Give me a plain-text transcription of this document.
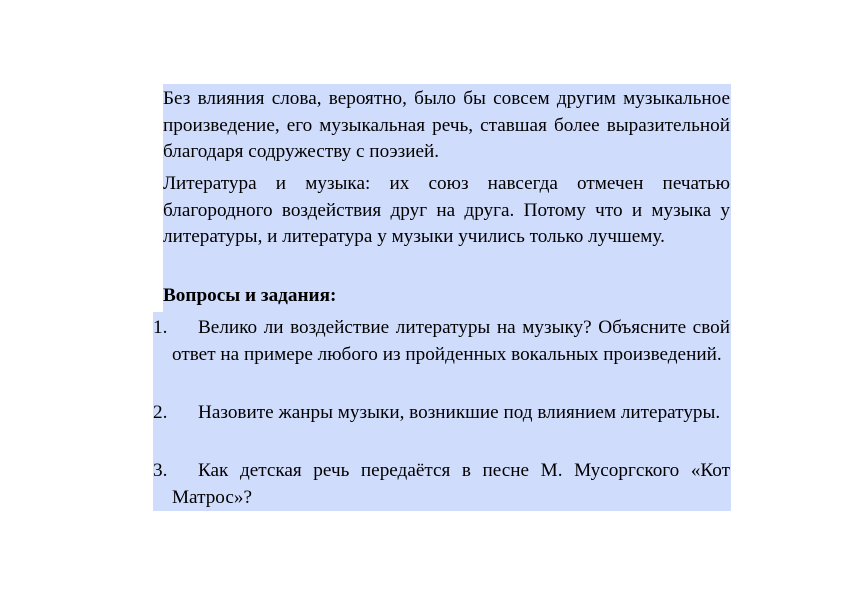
Без влияния слова, вероятно, было бы совсем другим музыкальное произведение, его музыкальная речь, ставшая более выразительной благодаря содружеству с поэзией.

Литература и музыка: их союз навсегда отмечен печатью благородного воздействия друг на друга. Потому что и музыка у литературы, и литература у музыки учились только лучшему.

Вопросы и задания:

1. Велико ли воздействие литературы на музыку? Объясните свой ответ на примере любого из пройденных вокальных произведений.

2. Назовите жанры музыки, возникшие под влиянием литературы.

3. Как детская речь передаётся в песне М. Мусоргского «Кот Матрос»?
